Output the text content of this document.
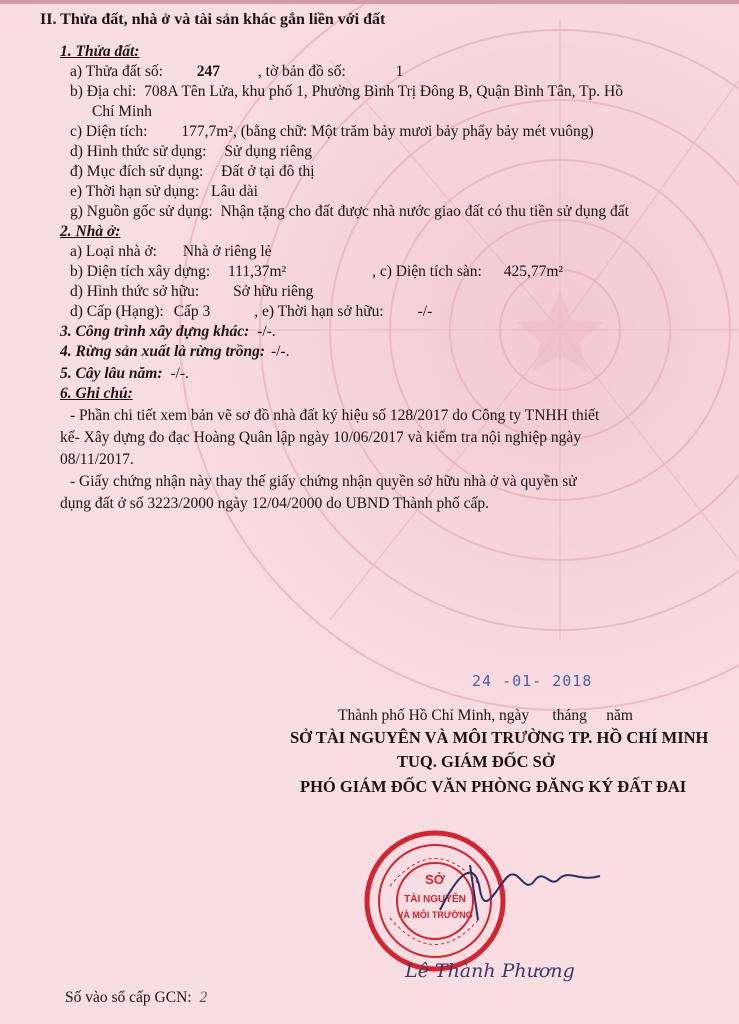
II. Thửa đất, nhà ở và tài sản khác gắn liền với đất
1. Thửa đất:
a) Thửa đất số: 247 , tờ bản đồ số:	1
b) Địa chỉ: 708A Tên Lửa, khu phố 1, Phường Bình Trị Đông B, Quận Bình Tân, Tp. Hồ
Chí Minh
c) Diện tích: 177,7m², (bằng chữ: Một trăm bảy mươi bảy phẩy bảy mét vuông)
d) Hình thức sử dụng: Sử dụng riêng
đ) Mục đích sử dụng: Đất ở tại đô thị
e) Thời hạn sử dụng: Lâu dài
g) Nguồn gốc sử dụng: Nhận tặng cho đất được nhà nước giao đất có thu tiền sử dụng đất
2. Nhà ở:
a) Loại nhà ở: Nhà ở riêng lẻ
b) Diện tích xây dựng: 111,37m²	, c) Diện tích sàn: 425,77m²
d) Hình thức sở hữu: Sở hữu riêng
d) Cấp (Hạng): Cấp 3	, e) Thời hạn sở hữu: -/-
3. Công trình xây dựng khác: -/-.
4. Rừng sản xuất là rừng trồng: -/-.
5. Cây lâu năm: -/-.
6. Ghi chú:
- Phần chi tiết xem bản vẽ sơ đồ nhà đất ký hiệu số 128/2017 do Công ty TNHH thiết
kế- Xây dựng đo đạc Hoàng Quân lập ngày 10/06/2017 và kiểm tra nội nghiệp ngày
08/11/2017.
- Giấy chứng nhận này thay thế giấy chứng nhận quyền sở hữu nhà ở và quyền sử
dụng đất ở số 3223/2000 ngày 12/04/2000 do UBND Thành phố cấp.
24 -01- 2018
Thành phố Hồ Chí Minh, ngày      tháng     năm
SỞ TÀI NGUYÊN VÀ MÔI TRƯỜNG TP. HỒ CHÍ MINH
TUQ. GIÁM ĐỐC SỞ
PHÓ GIÁM ĐỐC VĂN PHÒNG ĐĂNG KÝ ĐẤT ĐAI
SỞ
TÀI NGUYÊN
VÀ MÔI TRƯỜNG
Lê Thành Phương
Số vào sổ cấp GCN: 2
